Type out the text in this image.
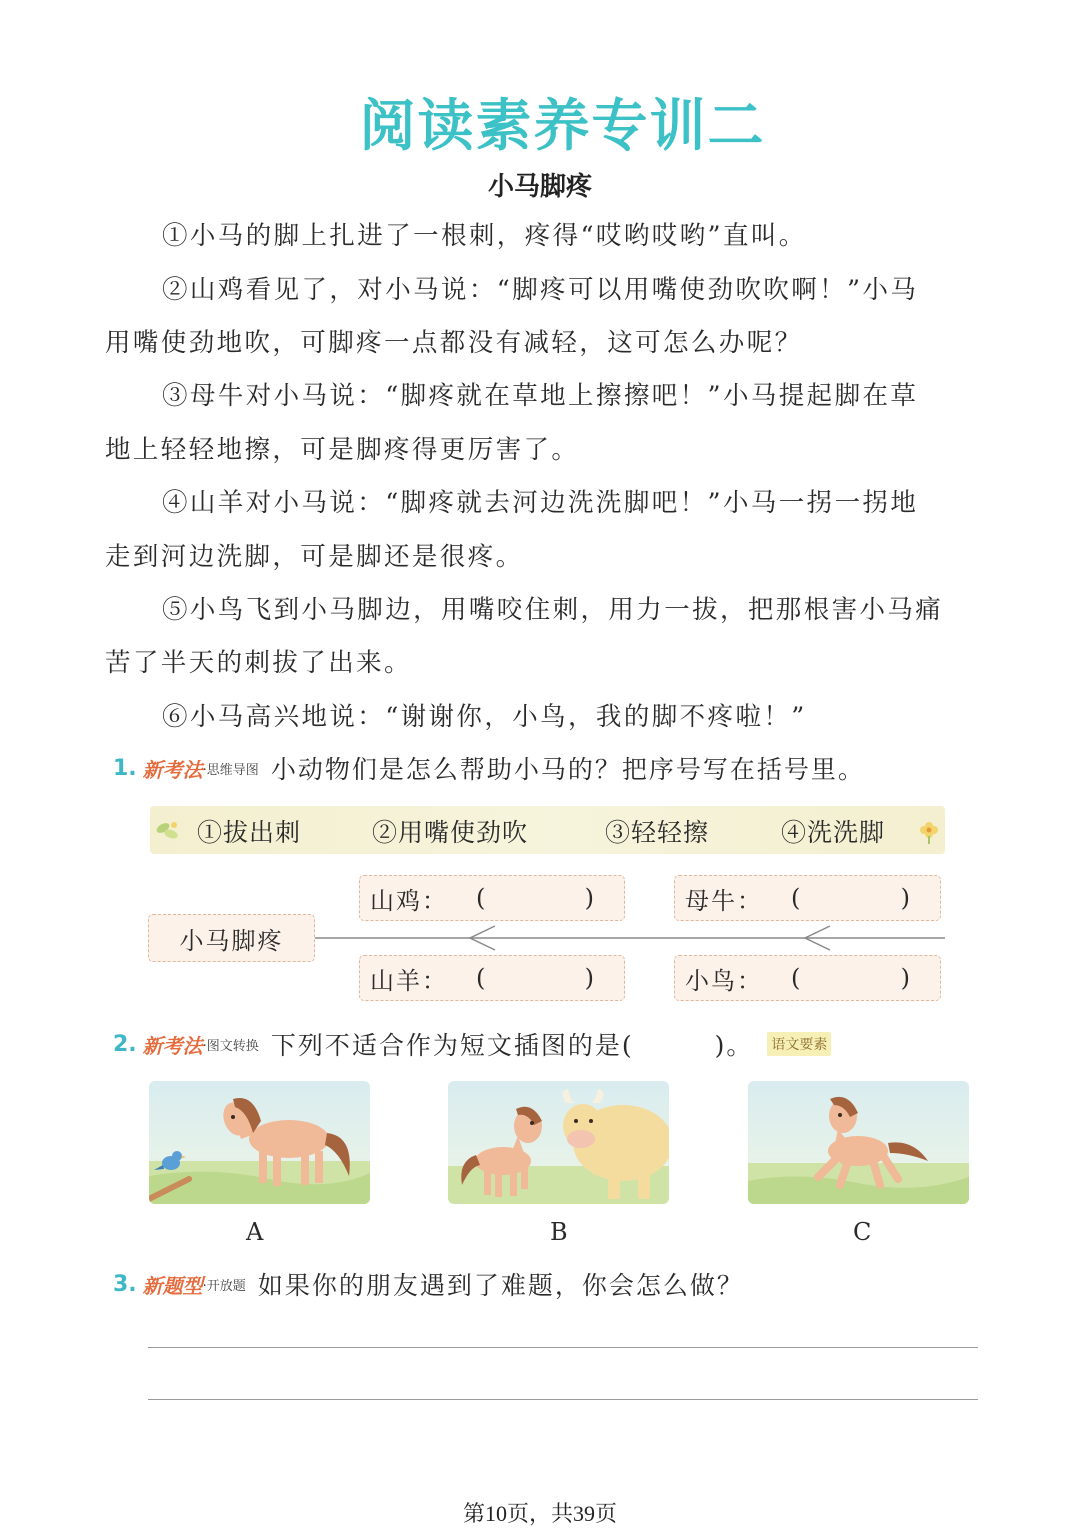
阅读素养专训二
小马脚疼
①小马的脚上扎进了一根刺，疼得“哎哟哎哟”直叫。
②山鸡看见了，对小马说：“脚疼可以用嘴使劲吹吹啊！”小马
用嘴使劲地吹，可脚疼一点都没有减轻，这可怎么办呢？
③母牛对小马说：“脚疼就在草地上擦擦吧！”小马提起脚在草
地上轻轻地擦，可是脚疼得更厉害了。
④山羊对小马说：“脚疼就去河边洗洗脚吧！”小马一拐一拐地
走到河边洗脚，可是脚还是很疼。
⑤小鸟飞到小马脚边，用嘴咬住刺，用力一拔，把那根害小马痛
苦了半天的刺拔了出来。
⑥小马高兴地说：“谢谢你，小鸟，我的脚不疼啦！”
1. 新考法 ·思维导图 小动物们是怎么帮助小马的？把序号写在括号里。
①拔出刺	②用嘴使劲吹	③轻轻擦	④洗洗脚
小马脚疼
山鸡： (	)	母牛： (	)
山羊： (	)	小鸟： (	)
2. 新考法 ·图文转换 下列不适合作为短文插图的是(　　　)。 语文要素
A	B	C
3. 新题型 ·开放题 如果你的朋友遇到了难题，你会怎么做？
第10页，共39页
